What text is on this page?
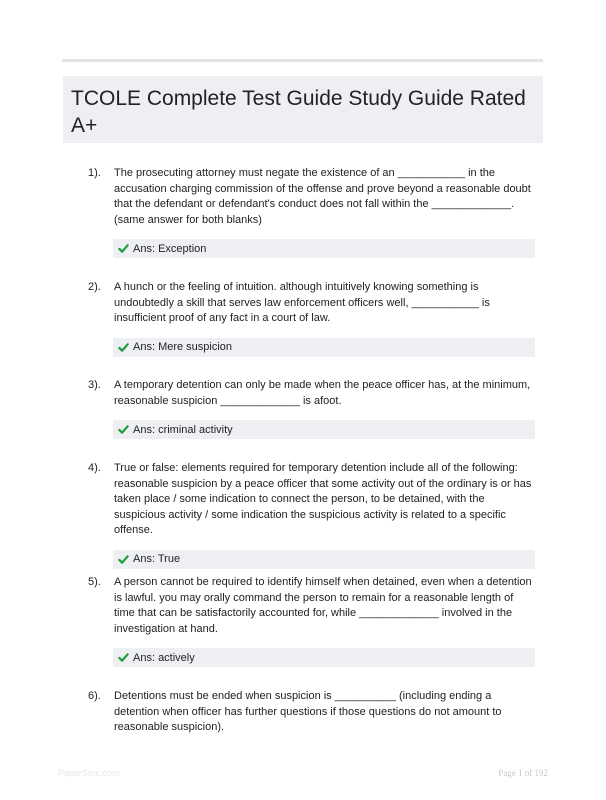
TCOLE Complete Test Guide Study Guide Rated A+
1). The prosecuting attorney must negate the existence of an ___________ in the accusation charging commission of the offense and prove beyond a reasonable doubt that the defendant or defendant's conduct does not fall within the _____________. (same answer for both blanks)
Ans: Exception
2). A hunch or the feeling of intuition. although intuitively knowing something is undoubtedly a skill that serves law enforcement officers well, ___________ is insufficient proof of any fact in a court of law.
Ans: Mere suspicion
3). A temporary detention can only be made when the peace officer has, at the minimum, reasonable suspicion _____________ is afoot.
Ans: criminal activity
4). True or false: elements required for temporary detention include all of the following: reasonable suspicion by a peace officer that some activity out of the ordinary is or has taken place / some indication to connect the person, to be detained, with the suspicious activity / some indication the suspicious activity is related to a specific offense.
Ans: True
5). A person cannot be required to identify himself when detained, even when a detention is lawful. you may orally command the person to remain for a reasonable length of time that can be satisfactorily accounted for, while _____________ involved in the investigation at hand.
Ans: actively
6). Detentions must be ended when suspicion is __________ (including ending a detention when officer has further questions if those questions do not amount to reasonable suspicion).
PaperStoc.com	Page 1 of 192
